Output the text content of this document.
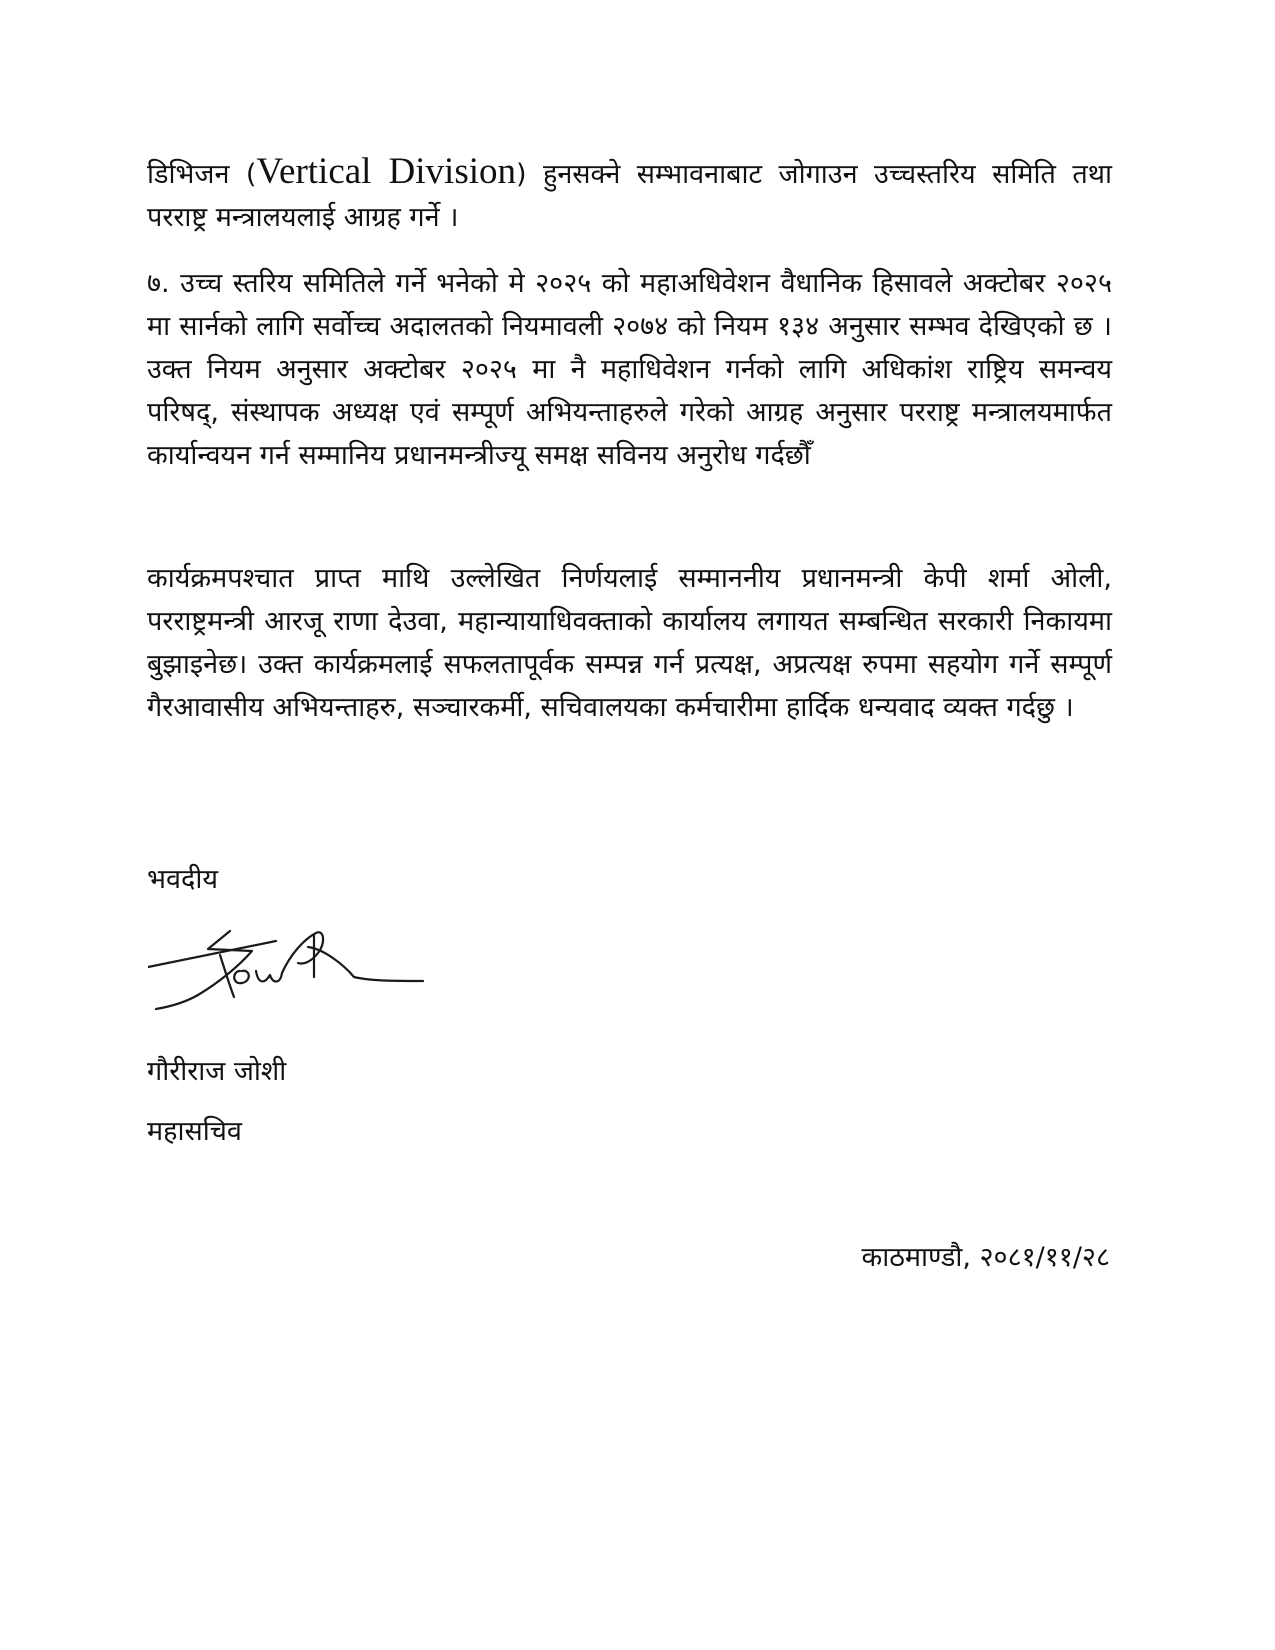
डिभिजन (Vertical Division) हुनसक्ने सम्भावनाबाट जोगाउन उच्चस्तरिय समिति तथा परराष्ट्र मन्त्रालयलाई आग्रह गर्ने ।

७. उच्च स्तरिय समितिले गर्ने भनेको मे २०२५ को महाअधिवेशन वैधानिक हिसावले अक्टोबर २०२५ मा सार्नको लागि सर्वोच्च अदालतको नियमावली २०७४ को नियम १३४ अनुसार सम्भव देखिएको छ । उक्त नियम अनुसार अक्टोबर २०२५ मा नै महाधिवेशन गर्नको लागि अधिकांश राष्ट्रिय समन्वय परिषद्, संस्थापक अध्यक्ष एवं सम्पूर्ण अभियन्ताहरुले गरेको आग्रह अनुसार परराष्ट्र मन्त्रालयमार्फत कार्यान्वयन गर्न सम्मानिय प्रधानमन्त्रीज्यू समक्ष सविनय अनुरोध गर्दछौँ

कार्यक्रमपश्चात प्राप्त माथि उल्लेखित निर्णयलाई सम्माननीय प्रधानमन्त्री केपी शर्मा ओली, परराष्ट्रमन्त्री आरजू राणा देउवा, महान्यायाधिवक्ताको कार्यालय लगायत सम्बन्धित सरकारी निकायमा बुझाइनेछ। उक्त कार्यक्रमलाई सफलतापूर्वक सम्पन्न गर्न प्रत्यक्ष, अप्रत्यक्ष रुपमा सहयोग गर्ने सम्पूर्ण गैरआवासीय अभियन्ताहरु, सञ्चारकर्मी, सचिवालयका कर्मचारीमा हार्दिक धन्यवाद व्यक्त गर्दछु ।

भवदीय
गौरीराज जोशी
महासचिव
काठमाण्डौ, २०८१/११/२८
